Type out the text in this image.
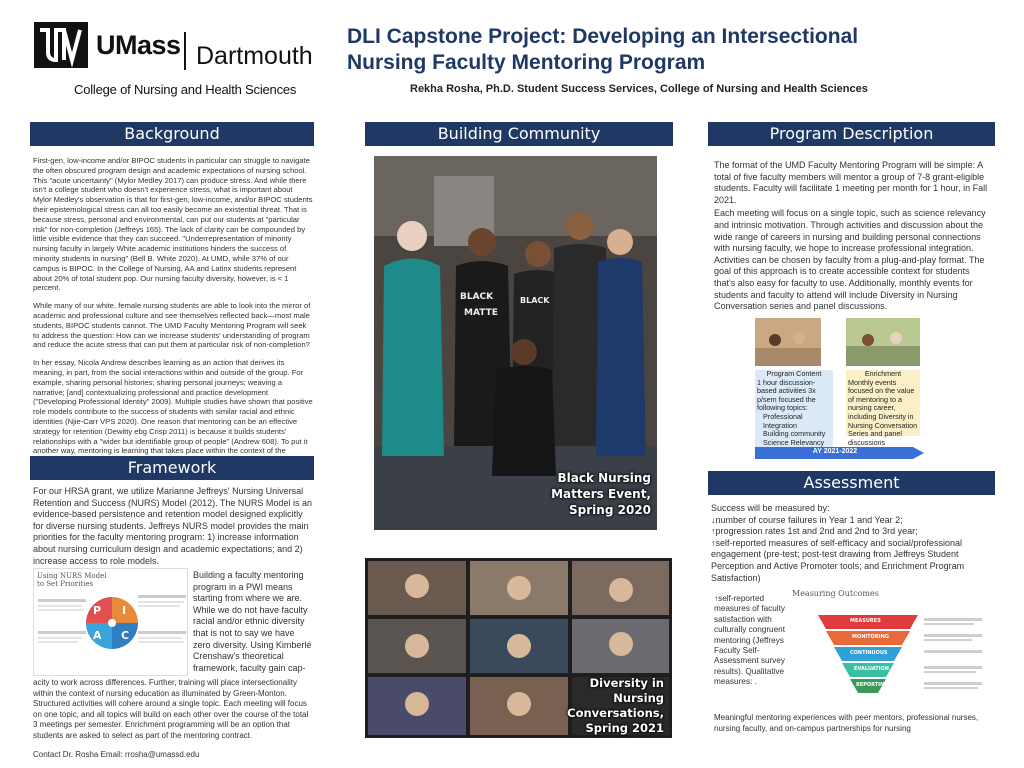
UMass Dartmouth
College of Nursing and Health Sciences
DLI Capstone Project: Developing an Intersectional
Nursing Faculty Mentoring Program
Rekha Rosha, Ph.D. Student Success Services, College of Nursing and Health Sciences
Background

First-gen, low-income and/or BIPOC students in particular can struggle to navigate the often obscured program design and academic expectations of nursing school. This "acute uncertainty" (Mylor Medley 2017) can produce stress. And while there isn't a college student who doesn't experience stress, what is important about Mylor Medley's observation is that for first-gen, low-income, and/or BIPOC students their epistemological stress can all too easily become an existential threat. That is because stress, personal and environmental, can put our students at "particular risk" for non-completion (Jeffreys 165). The lack of clarity can be compounded by little visible evidence that they can succeed. "Underrepresentation of minority nursing faculty in largely White academic institutions hinders the success of minority students in nursing" (Bell B. White 2020). At UMD, while 37% of our campus is BIPOC. In the College of Nursing, AA and Latinx students represent about 20% of total student pop. Our nursing faculty diversity, however, is < 1 percent.

While many of our white, female nursing students are able to look into the mirror of academic and professional culture and see themselves reflected back—most male students, BIPOC students cannot. The UMD Faculty Mentoring Program will seek to address the question: How can we increase students' understanding of program and reduce the acute stress that can put them at particular risk of non-completion?

In her essay, Nicola Andrew describes learning as an action that derives its meaning, in part, from the social interactions within and outside of the group. For example, sharing personal histories; sharing personal journeys; weaving a narrative; [and] contextualizing professional and practice development ("Developing Professional Identity" 2009). Multiple studies have shown that positive role models contribute to the success of students with similar racial and ethnic identities (Njie-Carr VPS 2020). One reason that mentoring can be an effective strategy for retention (Dewitty ebg Crisp 2011) is because it builds students' relationships with a "wider but identifiable group of people" (Andrew 608). To put it another way, mentoring is learning that takes place within the context of the

Framework
For our HRSA grant, we utilize Marianne Jeffreys' Nursing Universal Retention and Success (NURS) Model (2012). The NURS Model is an evidence-based persistence and retention model designed explicitly for diverse nursing students. Jeffreys NURS model provides the main priorities for the faculty mentoring program: 1) increase information about nursing curriculum design and academic expectations; and 2) increase access to role models.
Using NURS Model to Set Priorities
P I
A C
Building a faculty mentoring program in a PWI means starting from where we are. While we do not have faculty racial and/or ethnic diversity that is not to say we have zero diversity. Using Kimberlé Crenshaw's theoretical framework, faculty gain cap-
acity to work across differences. Further, training will place intersectionality within the context of nursing education as illuminated by Green-Monton. Structured activities will cohere around a single topic. Each meeting will focus on one topic, and all topics will build on each other over the course of the total 3 meetings per semester. Enrichment programming will be an option that students are asked to select as part of the mentoring contract.
Contact Dr. Rosha Email: rrosha@umassd.edu
Building Community
BLACK
MATTE
BLACK
Black Nursing
Matters Event,
Spring 2020
Diversity in
Nursing
Conversations,
Spring 2021
Program Description

The format of the UMD Faculty Mentoring Program will be simple: A total of five faculty members will mentor a group of 7-8 grant-eligible students. Faculty will facilitate 1 meeting per month for 1 hour, in Fall 2021.

Each meeting will focus on a single topic, such as science relevancy and intrinsic motivation. Through activities and discussion about the wide range of careers in nursing and building personal connections with nursing faculty, we hope to increase professional integration. Activities can be chosen by faculty from a plug-and-play format. The goal of this approach is to create accessible context for students that's also easy for faculty to use. Additionally, monthly events for students and faculty to attend will include Diversity in Nursing Conversation series and panel discussions.

Program Content
1 hour discussion-based activities 3x p/sem focused the following topics:
Professional Integration
Building community
Science Relevancy
Enrichment
Monthly events focused on the value of mentoring to a nursing career, including Diversity in Nursing Conversation Series and panel discussions
AY 2021-2022
Assessment
Success will be measured by:
↓number of course failures in Year 1 and Year 2;
↑progression rates 1st and 2nd and 2nd to 3rd year;
↑self-reported measures of self-efficacy and social/professional engagement (pre-test; post-test drawing from Jeffreys Student Perception and Active Promoter tools; and Enrichment Program Satisfaction)
↑self-reported measures of faculty satisfaction with culturally congruent mentoring (Jeffreys Faculty Self-Assessment survey results). Qualitative measures: .
Measuring Outcomes
MEASURES
MONITORING
CONTINUOUS
EVALUATION
REPORTING
Meaningful mentoring experiences with peer mentors, professional nurses, nursing faculty, and on-campus partnerships for nursing
